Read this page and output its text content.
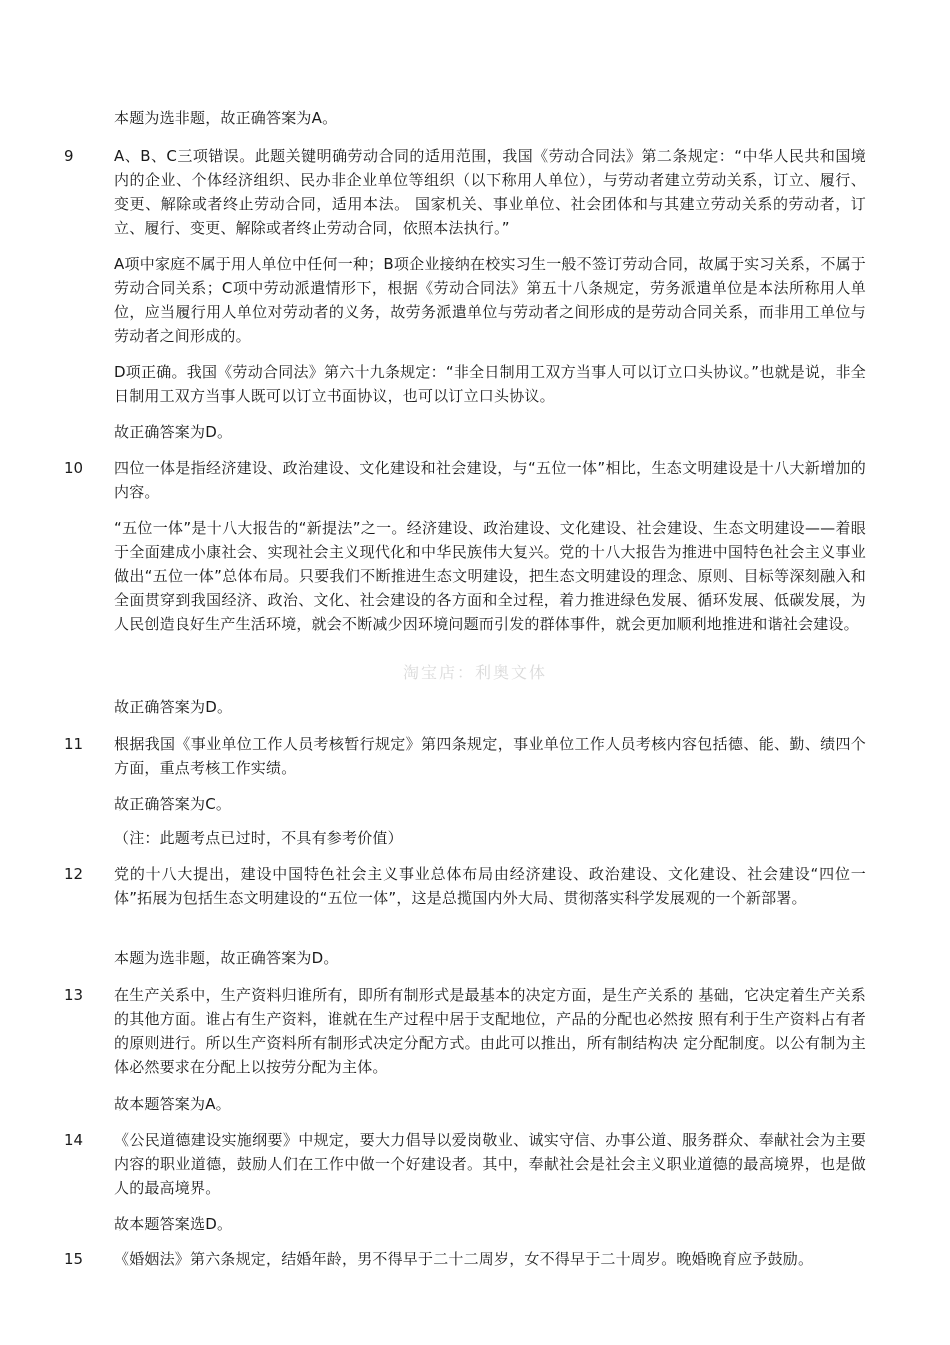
本题为选非题，故正确答案为A。
9	A、B、C三项错误。此题关键明确劳动合同的适用范围，我国《劳动合同法》第二条规定：“中华人民共和国境内的企业、个体经济组织、民办非企业单位等组织（以下称用人单位），与劳动者建立劳动关系，订立、履行、变更、解除或者终止劳动合同，适用本法。 国家机关、事业单位、社会团体和与其建立劳动关系的劳动者，订立、履行、变更、解除或者终止劳动合同，依照本法执行。”
A项中家庭不属于用人单位中任何一种；B项企业接纳在校实习生一般不签订劳动合同，故属于实习关系，不属于劳动合同关系；C项中劳动派遣情形下，根据《劳动合同法》第五十八条规定，劳务派遣单位是本法所称用人单位，应当履行用人单位对劳动者的义务，故劳务派遣单位与劳动者之间形成的是劳动合同关系，而非用工单位与劳动者之间形成的。
D项正确。我国《劳动合同法》第六十九条规定：“非全日制用工双方当事人可以订立口头协议。”也就是说，非全日制用工双方当事人既可以订立书面协议，也可以订立口头协议。
故正确答案为D。
10 四位一体是指经济建设、政治建设、文化建设和社会建设，与“五位一体”相比，生态文明建设是十八大新增加的内容。
“五位一体”是十八大报告的“新提法”之一。经济建设、政治建设、文化建设、社会建设、生态文明建设——着眼于全面建成小康社会、实现社会主义现代化和中华民族伟大复兴。党的十八大报告为推进中国特色社会主义事业做出“五位一体”总体布局。只要我们不断推进生态文明建设，把生态文明建设的理念、原则、目标等深刻融入和全面贯穿到我国经济、政治、文化、社会建设的各方面和全过程，着力推进绿色发展、循环发展、低碳发展，为人民创造良好生产生活环境，就会不断减少因环境问题而引发的群体事件，就会更加顺利地推进和谐社会建设。
故正确答案为D。
11 根据我国《事业单位工作人员考核暂行规定》第四条规定，事业单位工作人员考核内容包括德、能、勤、绩四个方面，重点考核工作实绩。
故正确答案为C。
（注：此题考点已过时，不具有参考价值）
12 党的十八大提出，建设中国特色社会主义事业总体布局由经济建设、政治建设、文化建设、社会建设“四位一体”拓展为包括生态文明建设的“五位一体”，这是总揽国内外大局、贯彻落实科学发展观的一个新部署。
本题为选非题，故正确答案为D。
13 在生产关系中，生产资料归谁所有，即所有制形式是最基本的决定方面，是生产关系的 基础，它决定着生产关系的其他方面。谁占有生产资料，谁就在生产过程中居于支配地位，产品的分配也必然按 照有利于生产资料占有者的原则进行。所以生产资料所有制形式决定分配方式。由此可以推出，所有制结构决 定分配制度。以公有制为主体必然要求在分配上以按劳分配为主体。
故本题答案为A。
14 《公民道德建设实施纲要》中规定，要大力倡导以爱岗敬业、诚实守信、办事公道、服务群众、奉献社会为主要内容的职业道德，鼓励人们在工作中做一个好建设者。其中，奉献社会是社会主义职业道德的最高境界，也是做人的最高境界。
故本题答案选D。
15 《婚姻法》第六条规定，结婚年龄，男不得早于二十二周岁，女不得早于二十周岁。晚婚晚育应予鼓励。
淘宝店：利奥文体
